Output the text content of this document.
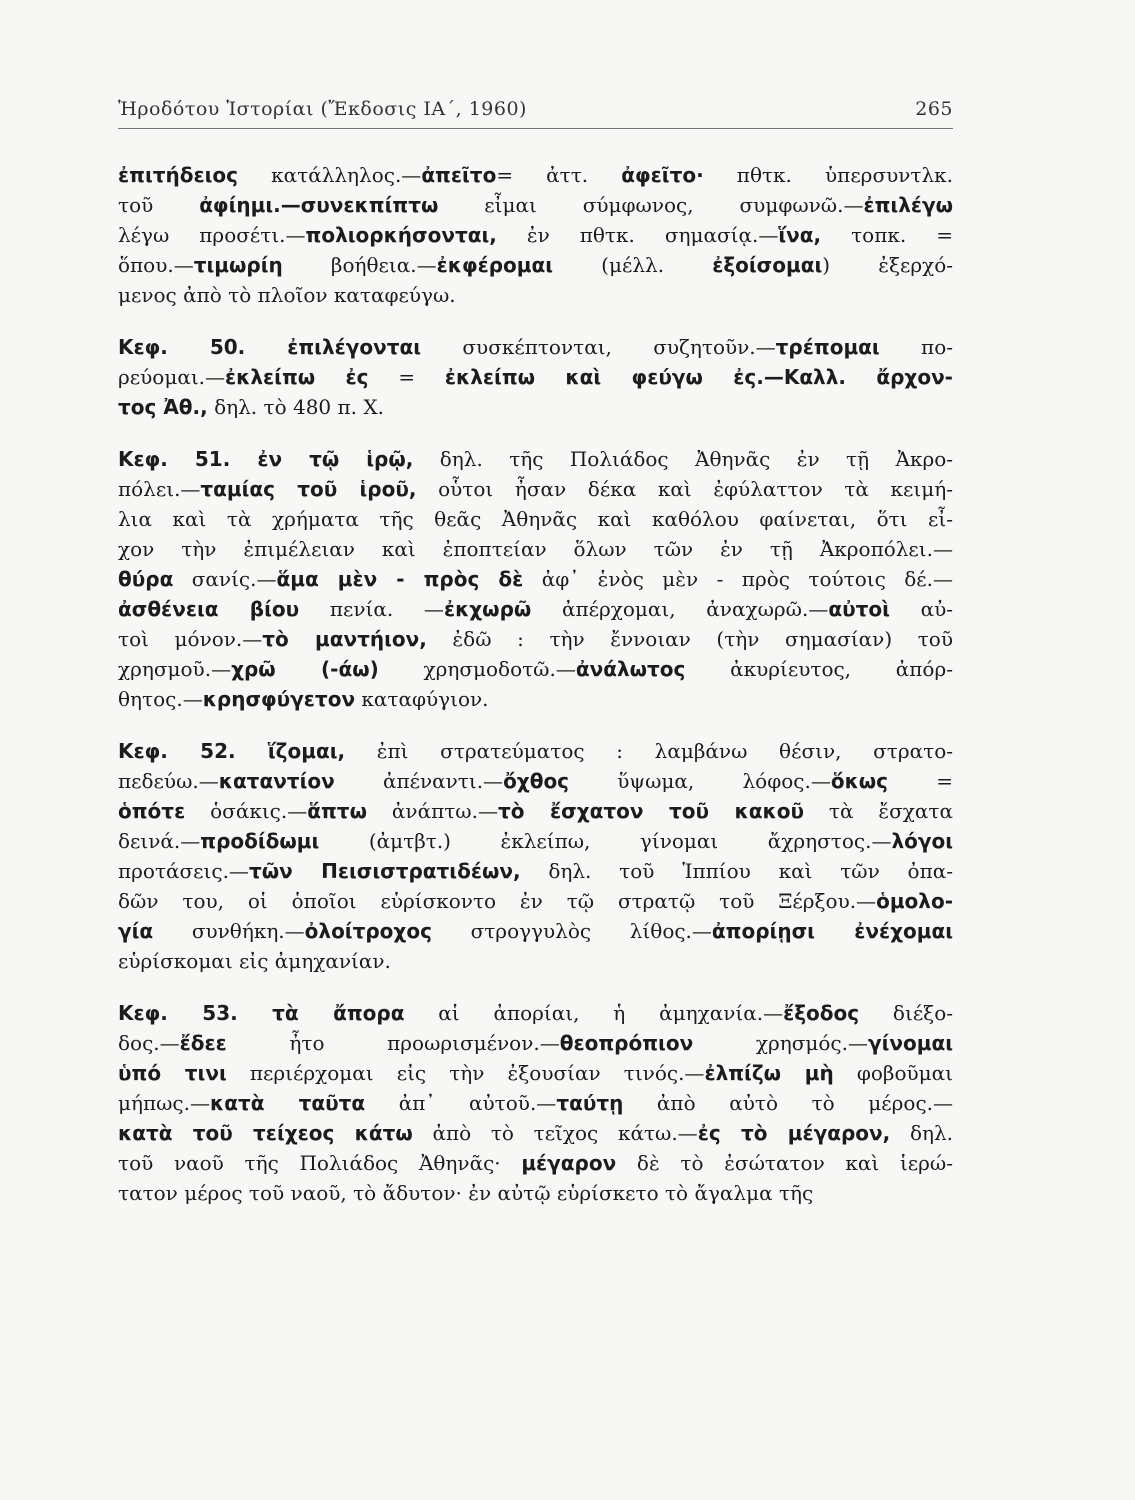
Ἡροδότου Ἱστορίαι (Ἔκδοσις ΙΑ΄, 1960)	265
ἐπιτήδειος κατάλληλος.—ἀπεῖτο= ἀττ. ἀφεῖτο· πθτκ. ὑπερσυντλκ.
τοῦ ἀφίημι.—συνεκπίπτω εἶμαι σύμφωνος, συμφωνῶ.—ἐπιλέγω
λέγω προσέτι.—πολιορκήσονται, ἐν πθτκ. σημασίᾳ.—ἵνα, τοπκ. =
ὅπου.—τιμωρίη βοήθεια.—ἐκφέρομαι (μέλλ. ἐξοίσομαι) ἐξερχό-
μενος ἀπὸ τὸ πλοῖον καταφεύγω.
Κεφ. 50. ἐπιλέγονται συσκέπτονται, συζητοῦν.—τρέπομαι πο-
ρεύομαι.—ἐκλείπω ἐς = ἐκλείπω καὶ φεύγω ἐς.—Καλλ. ἄρχον-
τος Ἀθ., δηλ. τὸ 480 π. Χ.
Κεφ. 51. ἐν τῷ ἱρῷ, δηλ. τῆς Πολιάδος Ἀθηνᾶς ἐν τῇ Ἀκρο-
πόλει.—ταμίας τοῦ ἱροῦ, οὗτοι ἦσαν δέκα καὶ ἐφύλαττον τὰ κειμή-
λια καὶ τὰ χρήματα τῆς θεᾶς Ἀθηνᾶς καὶ καθόλου φαίνεται, ὅτι εἶ-
χον τὴν ἐπιμέλειαν καὶ ἐποπτείαν ὅλων τῶν ἐν τῇ Ἀκροπόλει.—
θύρα σανίς.—ἅμα μὲν - πρὸς δὲ ἀφ᾽ ἑνὸς μὲν - πρὸς τούτοις δέ.—
ἀσθένεια βίου πενία. —ἐκχωρῶ ἀπέρχομαι, ἀναχωρῶ.—αὐτοὶ αὐ-
τοὶ μόνον.—τὸ μαντήιον, ἐδῶ : τὴν ἔννοιαν (τὴν σημασίαν) τοῦ
χρησμοῦ.—χρῶ (-άω) χρησμοδοτῶ.—ἀνάλωτος ἀκυρίευτος, ἀπόρ-
θητος.—κρησφύγετον καταφύγιον.
Κεφ. 52. ἵζομαι, ἐπὶ στρατεύματος : λαμβάνω θέσιν, στρατο-
πεδεύω.—καταντίον ἀπέναντι.—ὄχθος ὕψωμα, λόφος.—ὅκως =
ὁπότε ὁσάκις.—ἅπτω ἀνάπτω.—τὸ ἔσχατον τοῦ κακοῦ τὰ ἔσχατα
δεινά.—προδίδωμι (ἀμτβτ.) ἐκλείπω, γίνομαι ἄχρηστος.—λόγοι
προτάσεις.—τῶν Πεισιστρατιδέων, δηλ. τοῦ Ἱππίου καὶ τῶν ὀπα-
δῶν του, οἱ ὁποῖοι εὑρίσκοντο ἐν τῷ στρατῷ τοῦ Ξέρξου.—ὁμολο-
γία συνθήκη.—ὀλοίτροχος στρογγυλὸς λίθος.—ἀπορίῃσι ἐνέχομαι
εὑρίσκομαι εἰς ἀμηχανίαν.
Κεφ. 53. τὰ ἄπορα αἱ ἀπορίαι, ἡ ἀμηχανία.—ἔξοδος διέξο-
δος.—ἔδεε ἦτο προωρισμένον.—θεοπρόπιον χρησμός.—γίνομαι
ὑπό τινι περιέρχομαι εἰς τὴν ἐξουσίαν τινός.—ἐλπίζω μὴ φοβοῦμαι
μήπως.—κατὰ ταῦτα ἀπ᾽ αὐτοῦ.—ταύτῃ ἀπὸ αὐτὸ τὸ μέρος.—
κατὰ τοῦ τείχεος κάτω ἀπὸ τὸ τεῖχος κάτω.—ἐς τὸ μέγαρον, δηλ.
τοῦ ναοῦ τῆς Πολιάδος Ἀθηνᾶς· μέγαρον δὲ τὸ ἐσώτατον καὶ ἱερώ-
τατον μέρος τοῦ ναοῦ, τὸ ἄδυτον· ἐν αὐτῷ εὑρίσκετο τὸ ἄγαλμα τῆς
